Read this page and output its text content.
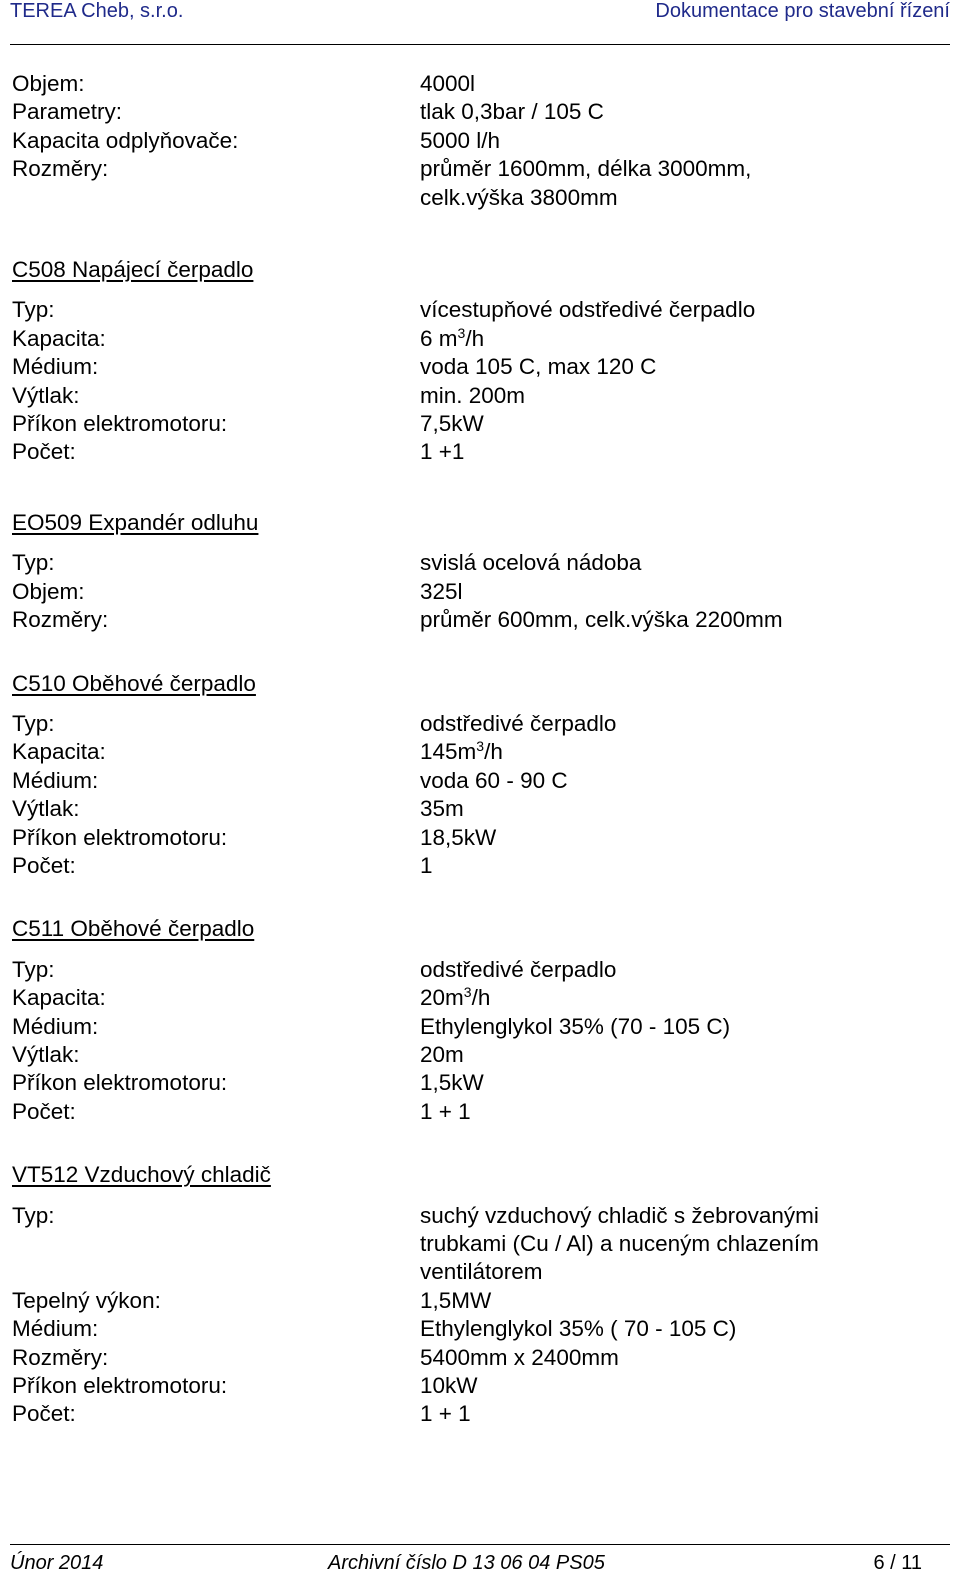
TEREA Cheb, s.r.o.	Dokumentace pro stavební řízení
Objem:	4000l
Parametry:	tlak 0,3bar / 105 C
Kapacita odplyňovače:	5000 l/h
Rozměry:	průměr 1600mm, délka 3000mm,
celk.výška 3800mm
C508 Napájecí čerpadlo
Typ:	vícestupňové odstředivé čerpadlo
Kapacita:	6 $m^3/h$
Médium:	voda 105 C, max 120 C
Výtlak:	min. 200m
Příkon elektromotoru:	7,5kW
Počet:	1 +1
EO509 Expandér odluhu
Typ:	svislá ocelová nádoba
Objem:	325l
Rozměry:	průměr 600mm, celk.výška 2200mm
C510 Oběhové čerpadlo
Typ:	odstředivé čerpadlo
Kapacita:	$145m^3/h$
Médium:	voda 60 - 90 C
Výtlak:	35m
Příkon elektromotoru:	18,5kW
Počet:	1
C511 Oběhové čerpadlo
Typ:	odstředivé čerpadlo
Kapacita:	$20m^3/h$
Médium:	Ethylenglykol 35% (70 - 105 C)
Výtlak:	20m
Příkon elektromotoru:	1,5kW
Počet:	1 + 1
VT512 Vzduchový chladič
Typ:	suchý vzduchový chladič s žebrovanými
trubkami (Cu / Al) a nuceným chlazením
ventilátorem
Tepelný výkon:	1,5MW
Médium:	Ethylenglykol 35% ( 70 - 105 C)
Rozměry:	5400mm x 2400mm
Příkon elektromotoru:	10kW
Počet:	1 + 1
Únor 2014	Archivní číslo D 13 06 04 PS05	6 / 11
